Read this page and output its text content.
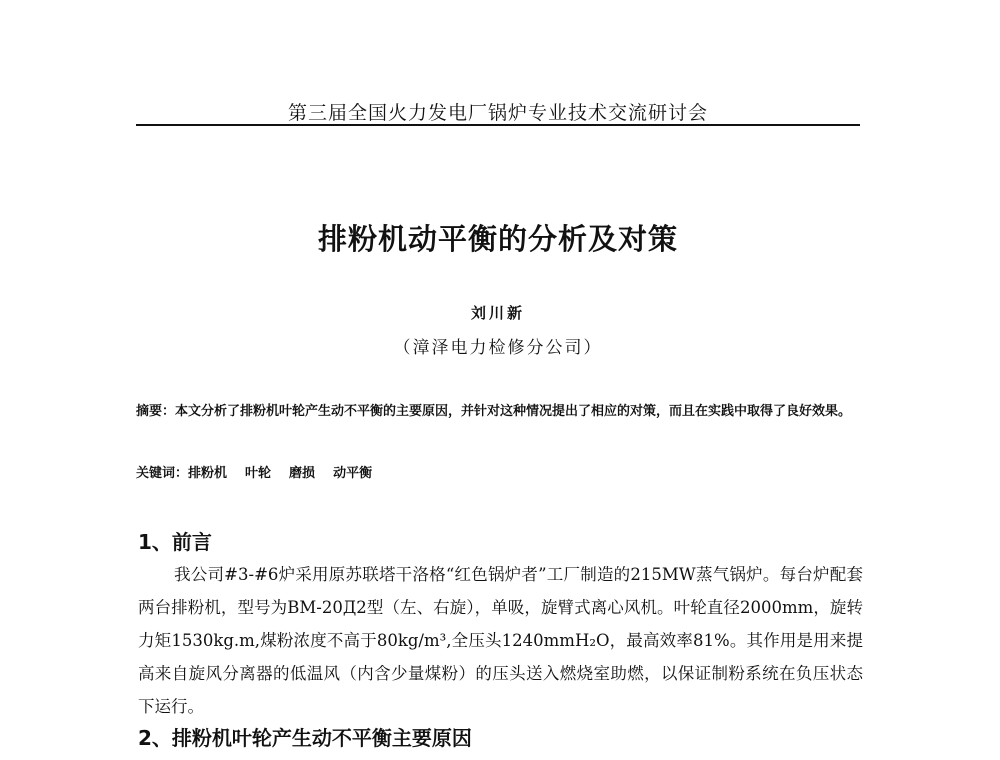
第三届全国火力发电厂锅炉专业技术交流研讨会
排粉机动平衡的分析及对策
刘川新
（漳泽电力检修分公司）
摘要：本文分析了排粉机叶轮产生动不平衡的主要原因，并针对这种情况提出了相应的对策，而且在实践中取得了良好效果。
关键词：排粉机 叶轮 磨损 动平衡
1、前言
我公司#3-#6炉采用原苏联塔干洛格“红色锅炉者”工厂制造的215MW蒸气锅炉。每台炉配套两台排粉机，型号为BM-20Д2型（左、右旋），单吸，旋臂式离心风机。叶轮直径2000mm，旋转力矩1530kg.m,煤粉浓度不高于80kg/m³,全压头1240mmH₂O，最高效率81%。其作用是用来提高来自旋风分离器的低温风（内含少量煤粉）的压头送入燃烧室助燃，以保证制粉系统在负压状态下运行。
2、排粉机叶轮产生动不平衡主要原因
